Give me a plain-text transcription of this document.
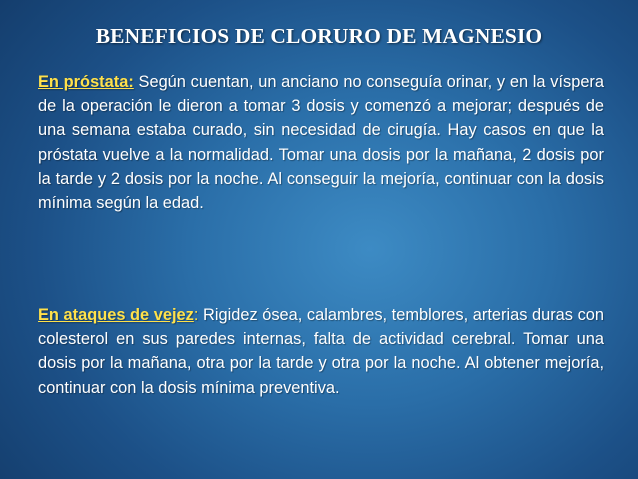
BENEFICIOS DE CLORURO DE MAGNESIO

En próstata: Según cuentan, un anciano no conseguía orinar, y en la víspera de la operación le dieron a tomar 3 dosis y comenzó a mejorar; después de una semana estaba curado, sin necesidad de cirugía. Hay casos en que la próstata vuelve a la normalidad. Tomar una dosis por la mañana, 2 dosis por la tarde y 2 dosis por la noche. Al conseguir la mejoría, continuar con la dosis mínima según la edad.

En ataques de vejez: Rigidez ósea, calambres, temblores, arterias duras con colesterol en sus paredes internas, falta de actividad cerebral. Tomar una dosis por la mañana, otra por la tarde y otra por la noche. Al obtener mejoría, continuar con la dosis mínima preventiva.
